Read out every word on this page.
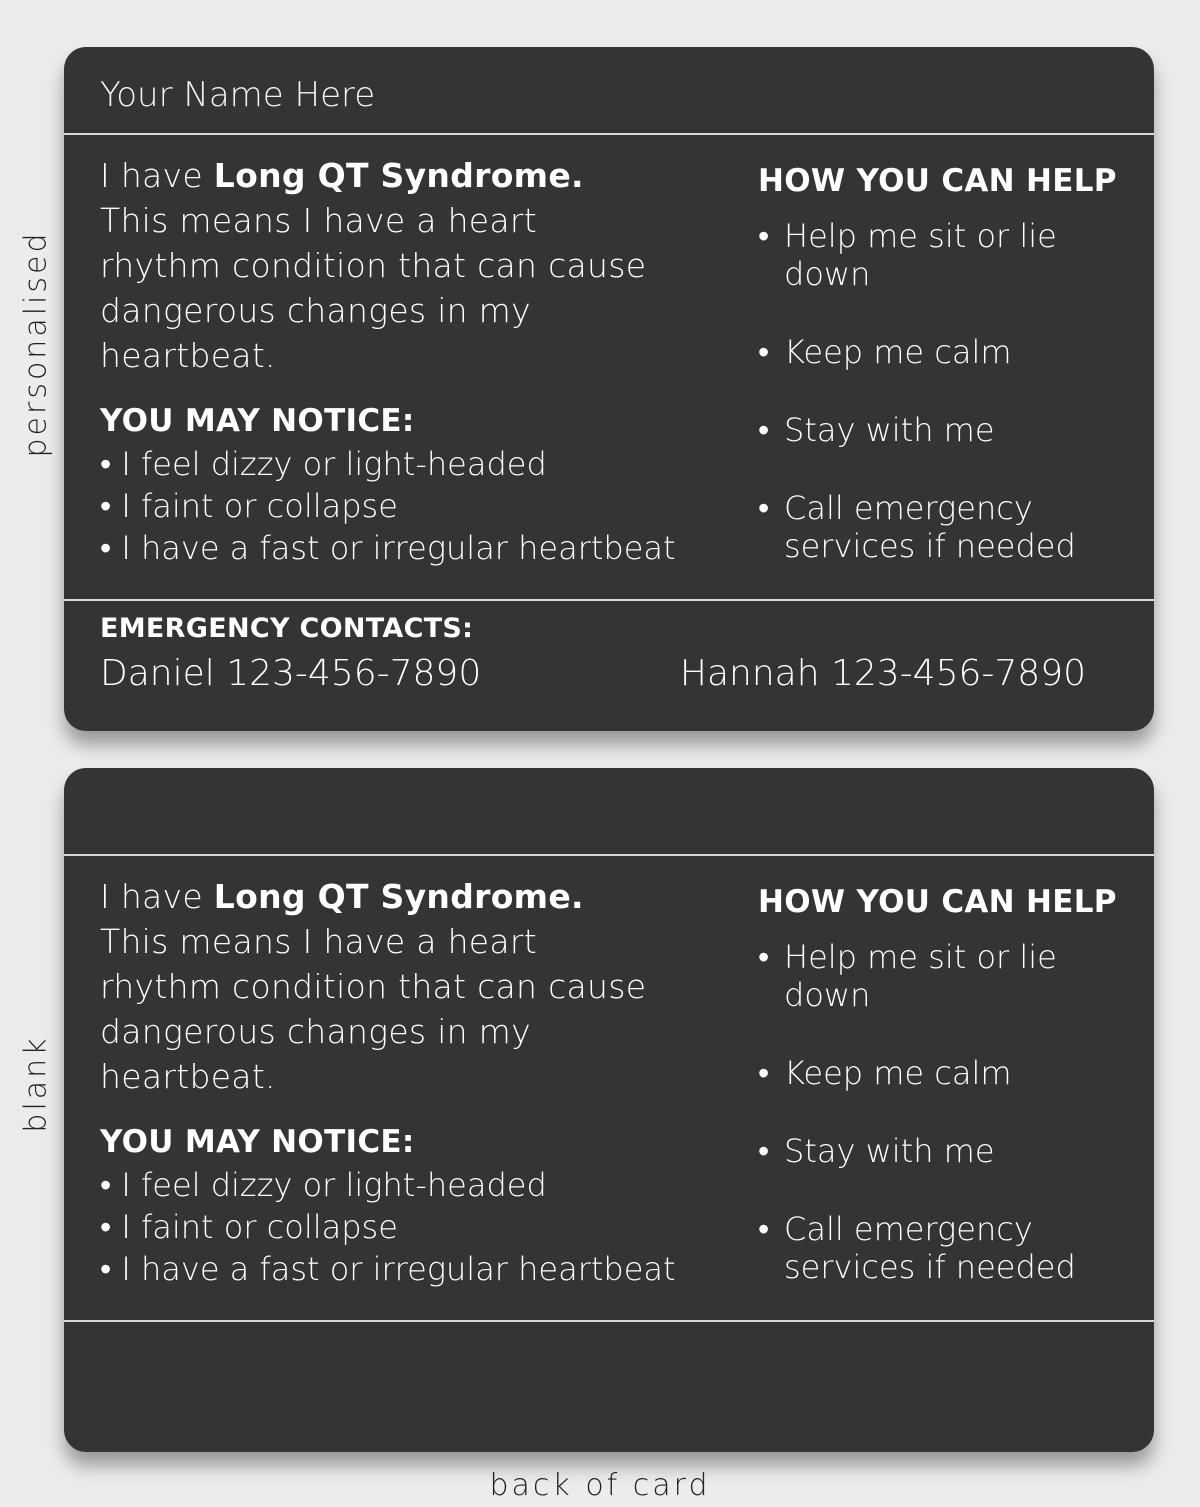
personalised
blank
Your Name Here
I have Long QT Syndrome. This means I have a heart rhythm condition that can cause dangerous changes in my heartbeat.
YOU MAY NOTICE:
• I feel dizzy or light-headed
• I faint or collapse
• I have a fast or irregular heartbeat
HOW YOU CAN HELP
• Help me sit or lie down
• Keep me calm
• Stay with me
• Call emergency services if needed
EMERGENCY CONTACTS:
Daniel 123-456-7890	Hannah 123-456-7890
I have Long QT Syndrome. This means I have a heart rhythm condition that can cause dangerous changes in my heartbeat.
YOU MAY NOTICE:
• I feel dizzy or light-headed
• I faint or collapse
• I have a fast or irregular heartbeat
HOW YOU CAN HELP
• Help me sit or lie down
• Keep me calm
• Stay with me
• Call emergency services if needed
back of card
